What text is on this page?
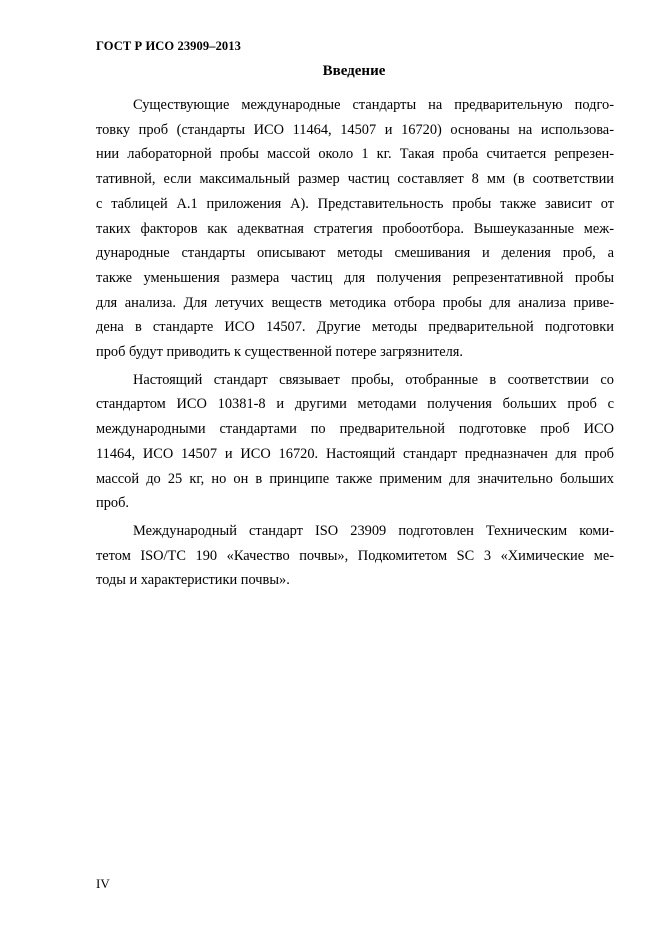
ГОСТ Р ИСО 23909–2013
Введение

Существующие международные стандарты на предварительную подго-
товку проб (стандарты ИСО 11464, 14507 и 16720) основаны на использова-
нии лабораторной пробы массой около 1 кг. Такая проба считается репрезен-
тативной, если максимальный размер частиц составляет 8 мм (в соответствии
с таблицей А.1 приложения А). Представительность пробы также зависит от
таких факторов как адекватная стратегия пробоотбора. Вышеуказанные меж-
дународные стандарты описывают методы смешивания и деления проб, а
также уменьшения размера частиц для получения репрезентативной пробы
для анализа. Для летучих веществ методика отбора пробы для анализа приве-
дена в стандарте ИСО 14507. Другие методы предварительной подготовки
проб будут приводить к существенной потере загрязнителя.

Настоящий стандарт связывает пробы, отобранные в соответствии со
стандартом ИСО 10381-8 и другими методами получения больших проб с
международными стандартами по предварительной подготовке проб ИСО
11464, ИСО 14507 и ИСО 16720. Настоящий стандарт предназначен для проб
массой до 25 кг, но он в принципе также применим для значительно больших
проб.

Международный стандарт ISO 23909 подготовлен Техническим коми-
тетом ISO/TC 190 «Качество почвы», Подкомитетом SC 3 «Химические ме-
тоды и характеристики почвы».

IV
